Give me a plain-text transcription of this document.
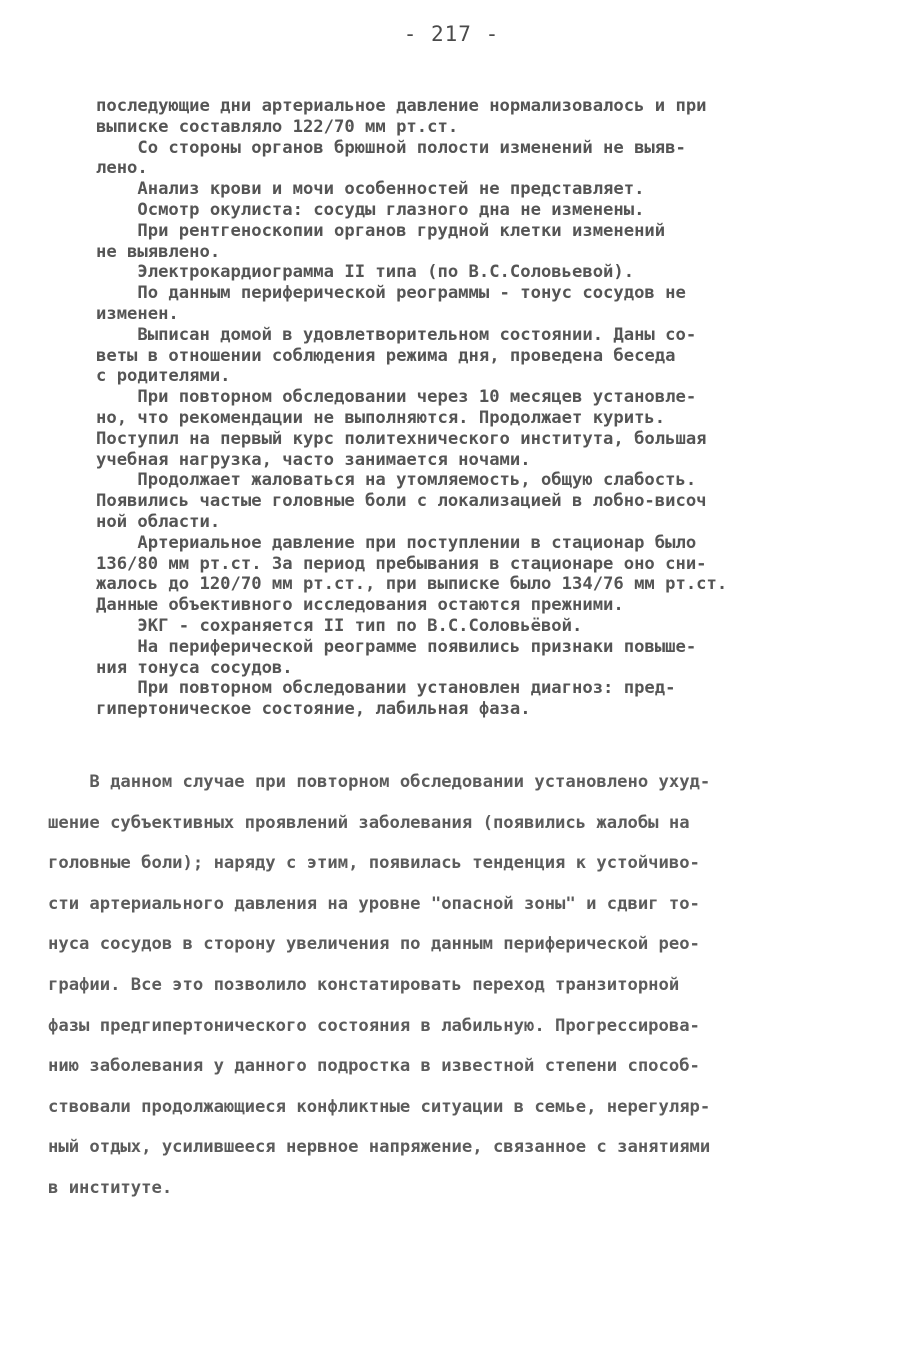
- 217 -
последующие дни артериальное давление нормализовалось и при
выписке составляло 122/70 мм рт.ст.
Со стороны органов брюшной полости изменений не выяв-
лено.
Анализ крови и мочи особенностей не представляет.
Осмотр окулиста: сосуды глазного дна не изменены.
При рентгеноскопии органов грудной клетки изменений
не выявлено.
Электрокардиограмма II типа (по В.С.Соловьевой).
По данным периферической реограммы - тонус сосудов не
изменен.
Выписан домой в удовлетворительном состоянии. Даны со-
веты в отношении соблюдения режима дня, проведена беседа
с родителями.
При повторном обследовании через 10 месяцев установле-
но, что рекомендации не выполняются. Продолжает курить.
Поступил на первый курс политехнического института, большая
учебная нагрузка, часто занимается ночами.
Продолжает жаловаться на утомляемость, общую слабость.
Появились частые головные боли с локализацией в лобно-височ
ной области.
Артериальное давление при поступлении в стационар было
136/80 мм рт.ст. За период пребывания в стационаре оно сни-
жалось до 120/70 мм рт.ст., при выписке было 134/76 мм рт.ст.
Данные объективного исследования остаются прежними.
ЭКГ - сохраняется II тип по В.С.Соловьёвой.
На периферической реограмме появились признаки повыше-
ния тонуса сосудов.
При повторном обследовании установлен диагноз: пред-
гипертоническое состояние, лабильная фаза.
В данном случае при повторном обследовании установлено ухуд-
шение субъективных проявлений заболевания (появились жалобы на
головные боли); наряду с этим, появилась тенденция к устойчиво-
сти артериального давления на уровне "опасной зоны" и сдвиг то-
нуса сосудов в сторону увеличения по данным периферической рео-
графии. Все это позволило констатировать переход транзиторной
фазы предгипертонического состояния в лабильную. Прогрессирова-
нию заболевания у данного подростка в известной степени способ-
ствовали продолжающиеся конфликтные ситуации в семье, нерегуляр-
ный отдых, усилившееся нервное напряжение, связанное с занятиями
в институте.
